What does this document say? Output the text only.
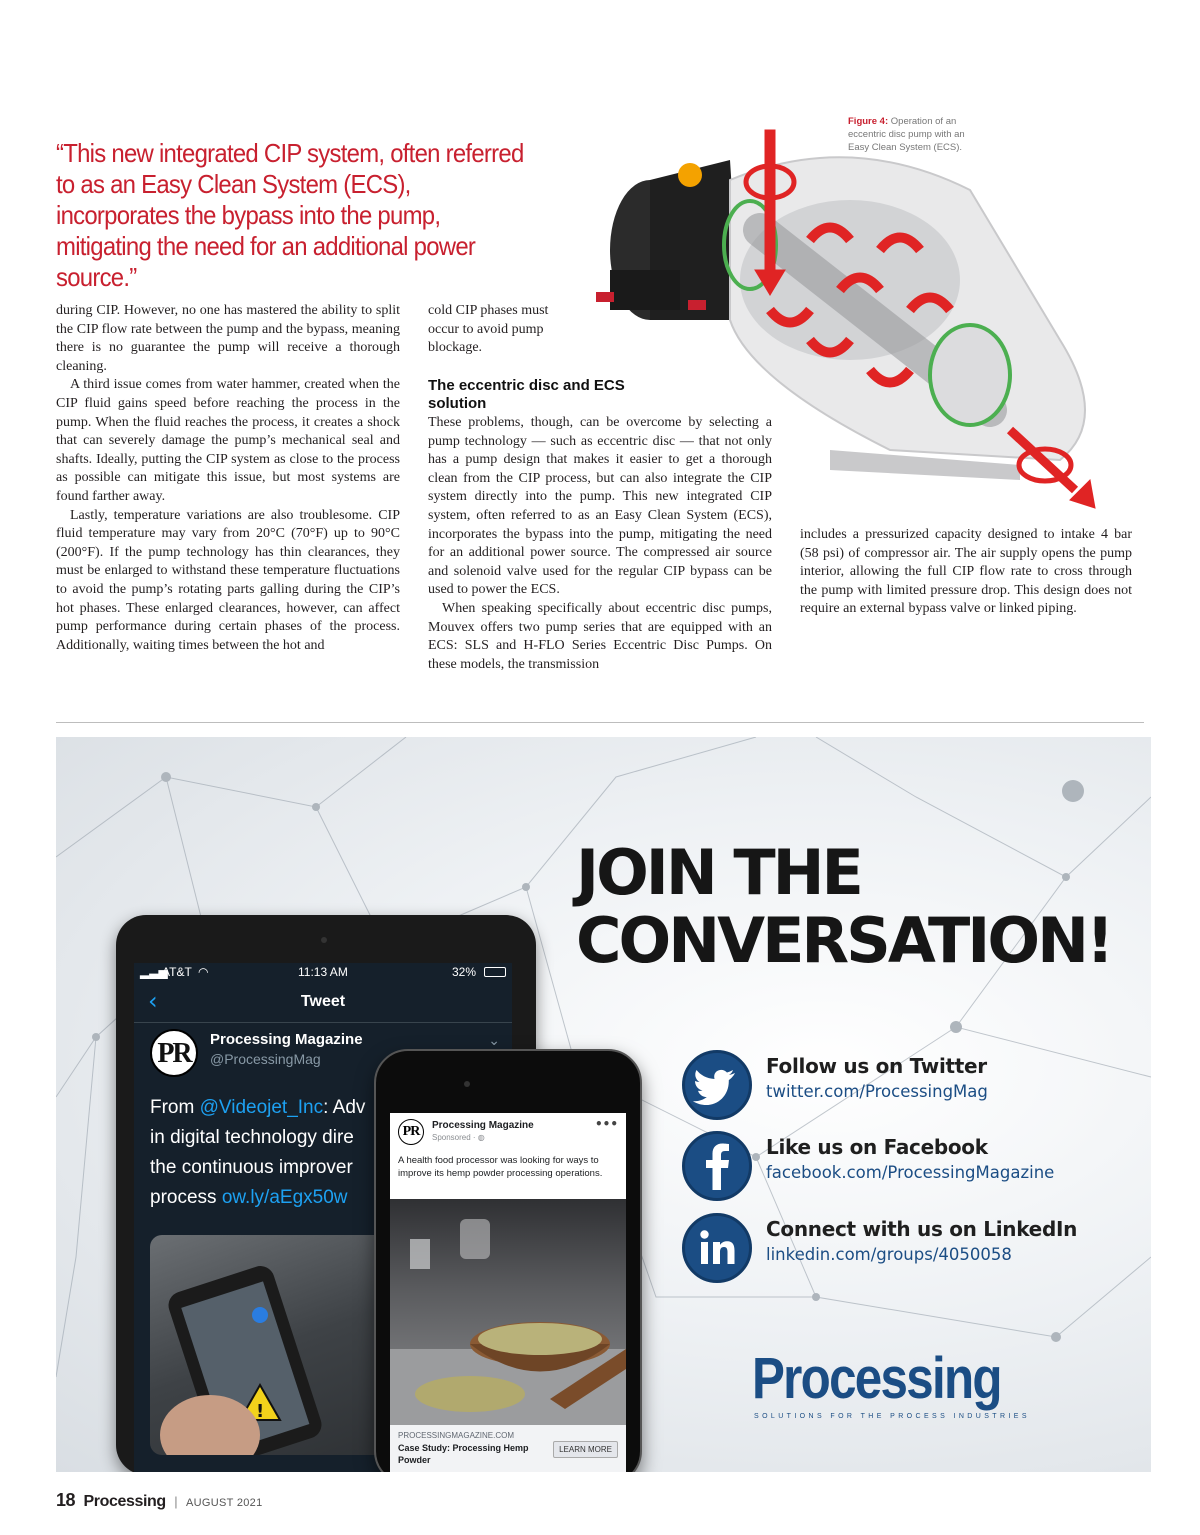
“This new integrated CIP system, often referred to as an Easy Clean System (ECS), incorporates the bypass into the pump, mitigating the need for an additional power source.”
Figure 4: Operation of an eccentric disc pump with an Easy Clean System (ECS).

during CIP. However, no one has mastered the ability to split the CIP flow rate between the pump and the bypass, meaning there is no guarantee the pump will receive a thorough cleaning.

A third issue comes from water hammer, created when the CIP fluid gains speed before reaching the process in the pump. When the fluid reaches the process, it creates a shock that can severely damage the pump’s mechanical seal and shafts. Ideally, putting the CIP system as close to the process as possible can mitigate this issue, but most systems are found farther away.

Lastly, temperature variations are also troublesome. CIP fluid temperature may vary from 20°C (70°F) up to 90°C (200°F). If the pump technology has thin clearances, they must be enlarged to withstand these temperature fluctuations to avoid the pump’s rotating parts galling during the CIP’s hot phases. These enlarged clearances, however, can affect pump performance during certain phases of the process. Additionally, waiting times between the hot and

cold CIP phases must occur to avoid pump blockage.
The eccentric disc and ECS solution

These problems, though, can be overcome by selecting a pump technology — such as eccentric disc — that not only has a pump design that makes it easier to get a thorough clean from the CIP process, but can also integrate the CIP system directly into the pump. This new integrated CIP system, often referred to as an Easy Clean System (ECS), incorporates the bypass into the pump, mitigating the need for an additional power source. The compressed air source and solenoid valve used for the regular CIP bypass can be used to power the ECS.

When speaking specifically about eccentric disc pumps, Mouvex offers two pump series that are equipped with an ECS: SLS and H-FLO Series Eccentric Disc Pumps. On these models, the transmission

includes a pressurized capacity designed to intake 4 bar (58 psi) of compressor air. The air supply opens the pump interior, allowing the full CIP flow rate to cross through the pump with limited pressure drop. This design does not require an external bypass valve or linked piping.

JOIN THE
CONVERSATION!
Follow us on Twitter
twitter.com/ProcessingMag
Like us on Facebook
facebook.com/ProcessingMagazine
Connect with us on LinkedIn
linkedin.com/groups/4050058
▂▃▅
AT&T ◠	11:13 AM	32%
‹	Tweet
PR	Processing Magazine
@ProcessingMag
⌄
From @Videojet_Inc: Adv
in digital technology dire
the continuous improver
process ow.ly/aEgx50w
!
PR	Processing Magazine
Sponsored · ◍
•••
A health food processor was looking for ways to improve its hemp powder processing operations.
PROCESSINGMAGAZINE.COM
Case Study: Processing Hemp Powder
LEARN MORE
Processing
SOLUTIONS FOR THE PROCESS INDUSTRIES
18 Processing | AUGUST 2021
